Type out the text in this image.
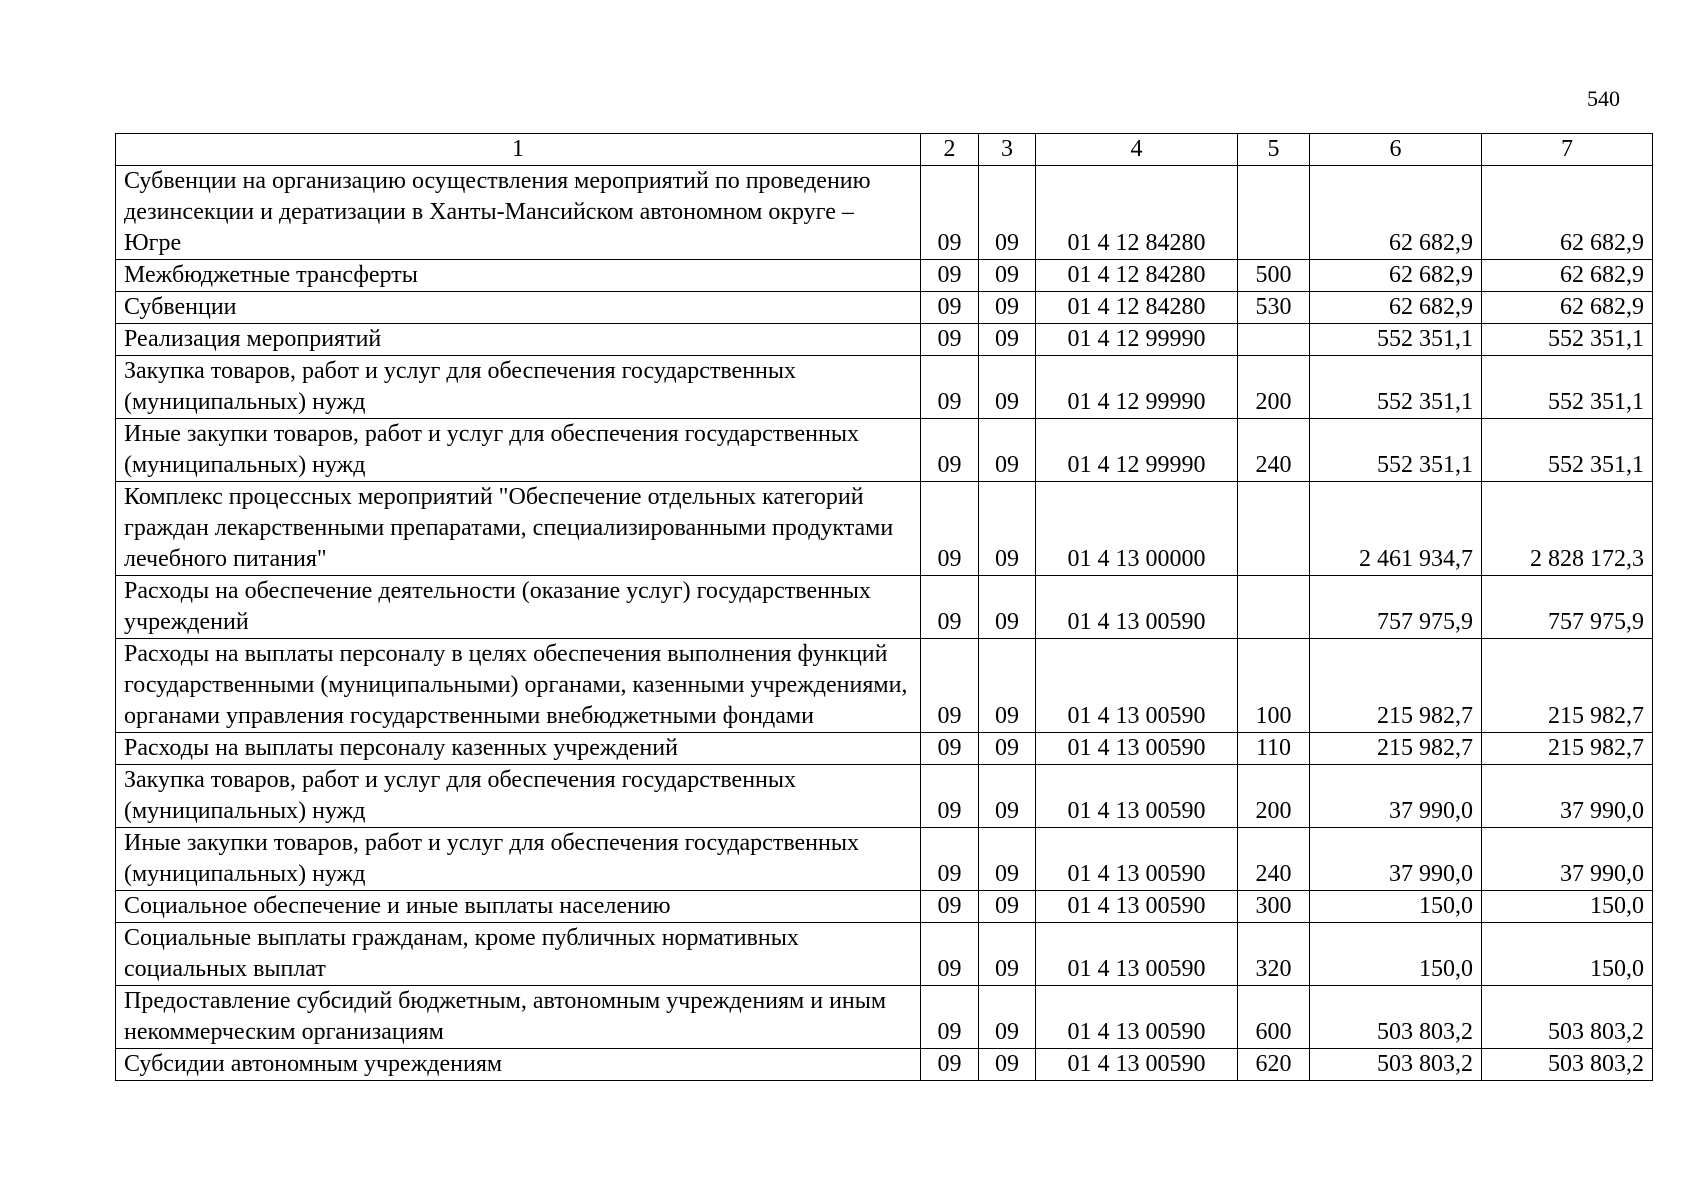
540
1	2	3	4	5	6	7
Субвенции на организацию осуществления мероприятий по проведению дезинсекции и дератизации в Ханты-Мансийском автономном округе – Югре	09	09	01 4 12 84280		62 682,9	62 682,9
Межбюджетные трансферты	09	09	01 4 12 84280	500	62 682,9	62 682,9
Субвенции	09	09	01 4 12 84280	530	62 682,9	62 682,9
Реализация мероприятий	09	09	01 4 12 99990		552 351,1	552 351,1
Закупка товаров, работ и услуг для обеспечения государственных (муниципальных) нужд	09	09	01 4 12 99990	200	552 351,1	552 351,1
Иные закупки товаров, работ и услуг для обеспечения государственных (муниципальных) нужд	09	09	01 4 12 99990	240	552 351,1	552 351,1
Комплекс процессных мероприятий "Обеспечение отдельных категорий граждан лекарственными препаратами, специализированными продуктами лечебного питания"	09	09	01 4 13 00000		2 461 934,7	2 828 172,3
Расходы на обеспечение деятельности (оказание услуг) государственных учреждений	09	09	01 4 13 00590		757 975,9	757 975,9
Расходы на выплаты персоналу в целях обеспечения выполнения функций государственными (муниципальными) органами, казенными учреждениями, органами управления государственными внебюджетными фондами	09	09	01 4 13 00590	100	215 982,7	215 982,7
Расходы на выплаты персоналу казенных учреждений	09	09	01 4 13 00590	110	215 982,7	215 982,7
Закупка товаров, работ и услуг для обеспечения государственных (муниципальных) нужд	09	09	01 4 13 00590	200	37 990,0	37 990,0
Иные закупки товаров, работ и услуг для обеспечения государственных (муниципальных) нужд	09	09	01 4 13 00590	240	37 990,0	37 990,0
Социальное обеспечение и иные выплаты населению	09	09	01 4 13 00590	300	150,0	150,0
Социальные выплаты гражданам, кроме публичных нормативных социальных выплат	09	09	01 4 13 00590	320	150,0	150,0
Предоставление субсидий бюджетным, автономным учреждениям и иным некоммерческим организациям	09	09	01 4 13 00590	600	503 803,2	503 803,2
Субсидии автономным учреждениям	09	09	01 4 13 00590	620	503 803,2	503 803,2
